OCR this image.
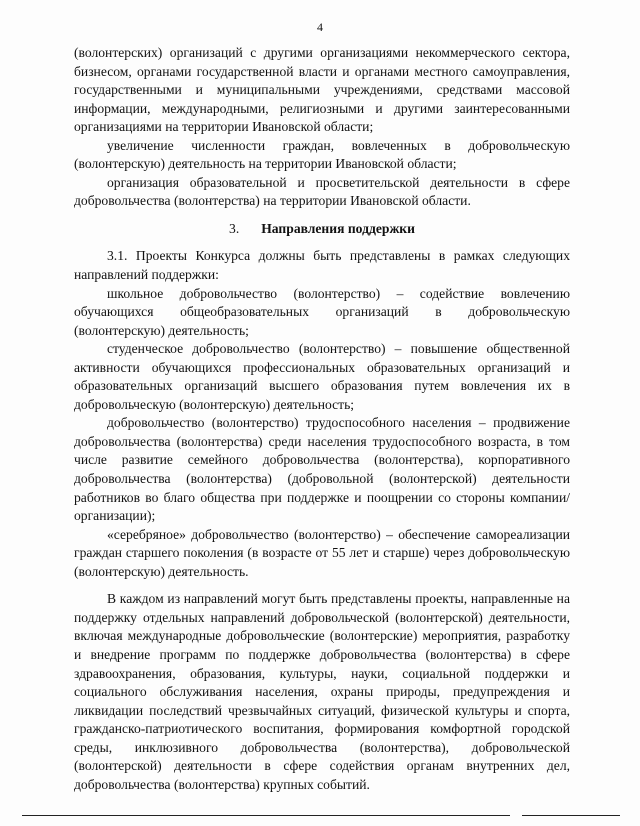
4

(волонтерских) организаций с другими организациями некоммерческого сектора, бизнесом, органами государственной власти и органами местного самоуправления, государственными и муниципальными учреждениями, средствами массовой информации, международными, религиозными и другими заинтересованными организациями на территории Ивановской области;

увеличение численности граждан, вовлеченных в добровольческую (волонтерскую) деятельность на территории Ивановской области;

организация образовательной и просветительской деятельности в сфере добровольчества (волонтерства) на территории Ивановской области.

3. Направления поддержки

3.1. Проекты Конкурса должны быть представлены в рамках следующих направлений поддержки:

школьное добровольчество (волонтерство) – содействие вовлечению обучающихся общеобразовательных организаций в добровольческую (волонтерскую) деятельность;

студенческое добровольчество (волонтерство) – повышение общественной активности обучающихся профессиональных образовательных организаций и образовательных организаций высшего образования путем вовлечения их в добровольческую (волонтерскую) деятельность;

добровольчество (волонтерство) трудоспособного населения – продвижение добровольчества (волонтерства) среди населения трудоспособного возраста, в том числе развитие семейного добровольчества (волонтерства), корпоративного добровольчества (волонтерства) (добровольной (волонтерской) деятельности работников во благо общества при поддержке и поощрении со стороны компании/организации);

«серебряное» добровольчество (волонтерство) – обеспечение самореализации граждан старшего поколения (в возрасте от 55 лет и старше) через добровольческую (волонтерскую) деятельность.

В каждом из направлений могут быть представлены проекты, направленные на поддержку отдельных направлений добровольческой (волонтерской) деятельности, включая международные добровольческие (волонтерские) мероприятия, разработку и внедрение программ по поддержке добровольчества (волонтерства) в сфере здравоохранения, образования, культуры, науки, социальной поддержки и социального обслуживания населения, охраны природы, предупреждения и ликвидации последствий чрезвычайных ситуаций, физической культуры и спорта, гражданско-патриотического воспитания, формирования комфортной городской среды, инклюзивного добровольчества (волонтерства), добровольческой (волонтерской) деятельности в сфере содействия органам внутренних дел, добровольчества (волонтерства) крупных событий.
